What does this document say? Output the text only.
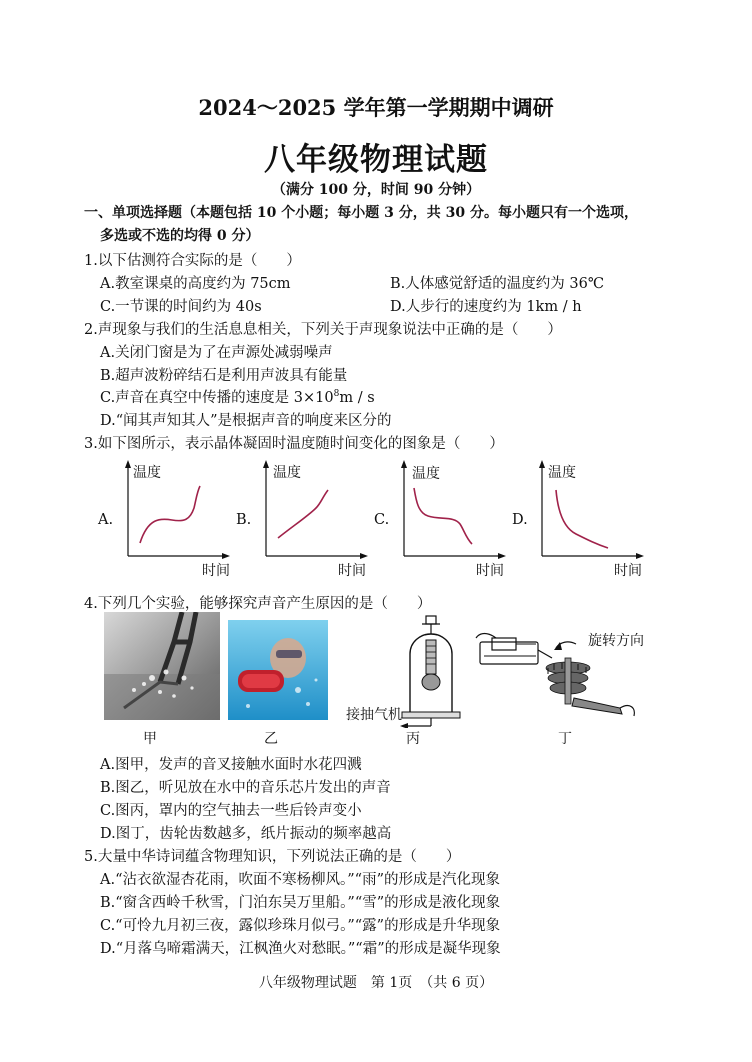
2024～2025 学年第一学期期中调研
八年级物理试题
（满分 100 分，时间 90 分钟）
一、单项选择题（本题包括 10 个小题；每小题 3 分，共 30 分。每小题只有一个选项，
多选或不选的均得 0 分）
1.以下估测符合实际的是（　　）
A.教室课桌的高度约为 75cm	B.人体感觉舒适的温度约为 36℃
C.一节课的时间约为 40s	D.人步行的速度约为 1km / h
2.声现象与我们的生活息息相关，下列关于声现象说法中正确的是（　　）
A.关闭门窗是为了在声源处减弱噪声
B.超声波粉碎结石是利用声波具有能量
C.声音在真空中传播的速度是 $3\times 10^8m / s$
D.“闻其声知其人”是根据声音的响度来区分的
3.如下图所示，表示晶体凝固时温度随时间变化的图象是（　　）
A.
温度
时间
B.
温度
时间
C.
温度
时间
D.
温度
时间
4.下列几个实验，能够探究声音产生原因的是（　　）
甲	乙
接抽气机
丙
旋转方向
丁
A.图甲，发声的音叉接触水面时水花四溅
B.图乙，听见放在水中的音乐芯片发出的声音
C.图丙，罩内的空气抽去一些后铃声变小
D.图丁，齿轮齿数越多，纸片振动的频率越高
5.大量中华诗词蕴含物理知识，下列说法正确的是（　　）
A.“沾衣欲湿杏花雨，吹面不寒杨柳风。”“雨”的形成是汽化现象
B.“窗含西岭千秋雪，门泊东吴万里船。”“雪”的形成是液化现象
C.“可怜九月初三夜，露似珍珠月似弓。”“露”的形成是升华现象
D.“月落乌啼霜满天，江枫渔火对愁眠。”“霜”的形成是凝华现象
八年级物理试题　第 1页　（共 6 页）
